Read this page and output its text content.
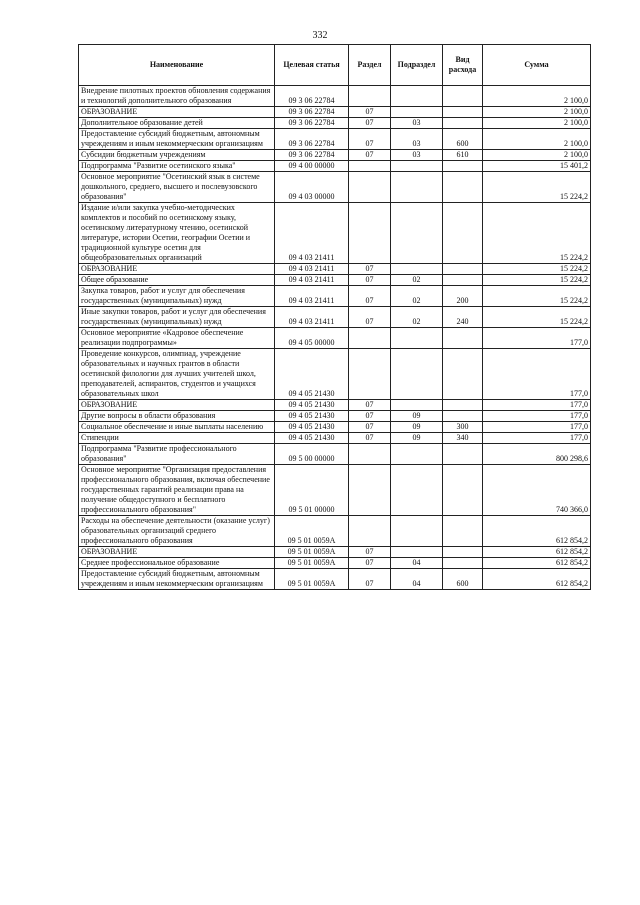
332
Наименование	Целевая статья	Раздел	Подраздел	Вид расхода	Сумма
Внедрение пилотных проектов обновления содержания и технологий дополнительного образования	09 3 06 22784				2 100,0
ОБРАЗОВАНИЕ	09 3 06 22784	07			2 100,0
Дополнительное образование детей	09 3 06 22784	07	03		2 100,0
Предоставление субсидий бюджетным, автономным учреждениям и иным некоммерческим организациям	09 3 06 22784	07	03	600	2 100,0
Субсидии бюджетным учреждениям	09 3 06 22784	07	03	610	2 100,0
Подпрограмма "Развитие осетинского языка"	09 4 00 00000				15 401,2
Основное мероприятие "Осетинский язык в системе дошкольного, среднего, высшего и послевузовского образования"	09 4 03 00000				15 224,2
Издание и/или закупка учебно-методических комплектов и пособий по осетинскому языку, осетинскому литературному чтению, осетинской литературе, истории Осетии, географии Осетии и традиционной культуре осетин для общеобразовательных организаций	09 4 03 21411				15 224,2
ОБРАЗОВАНИЕ	09 4 03 21411	07			15 224,2
Общее образование	09 4 03 21411	07	02		15 224,2
Закупка товаров, работ и услуг для обеспечения государственных (муниципальных) нужд	09 4 03 21411	07	02	200	15 224,2
Иные закупки товаров, работ и услуг для обеспечения государственных (муниципальных) нужд	09 4 03 21411	07	02	240	15 224,2
Основное мероприятие «Кадровое обеспечение реализации подпрограммы»	09 4 05 00000				177,0
Проведение конкурсов, олимпиад, учреждение образовательных и научных грантов в области осетинской филологии для лучших учителей школ, преподавателей, аспирантов, студентов и учащихся образовательных школ	09 4 05 21430				177,0
ОБРАЗОВАНИЕ	09 4 05 21430	07			177,0
Другие вопросы в области образования	09 4 05 21430	07	09		177,0
Социальное обеспечение и иные выплаты населению	09 4 05 21430	07	09	300	177,0
Стипендии	09 4 05 21430	07	09	340	177,0
Подпрограмма "Развитие профессионального образования"	09 5 00 00000				800 298,6
Основное мероприятие "Организация предоставления профессионального образования, включая обеспечение государственных гарантий реализации права на получение общедоступного и бесплатного профессионального образования"	09 5 01 00000				740 366,0
Расходы на обеспечение деятельности (оказание услуг) образовательных организаций среднего профессионального образования	09 5 01 0059А				612 854,2
ОБРАЗОВАНИЕ	09 5 01 0059А	07			612 854,2
Среднее профессиональное образование	09 5 01 0059А	07	04		612 854,2
Предоставление субсидий бюджетным, автономным учреждениям и иным некоммерческим организациям	09 5 01 0059А	07	04	600	612 854,2
